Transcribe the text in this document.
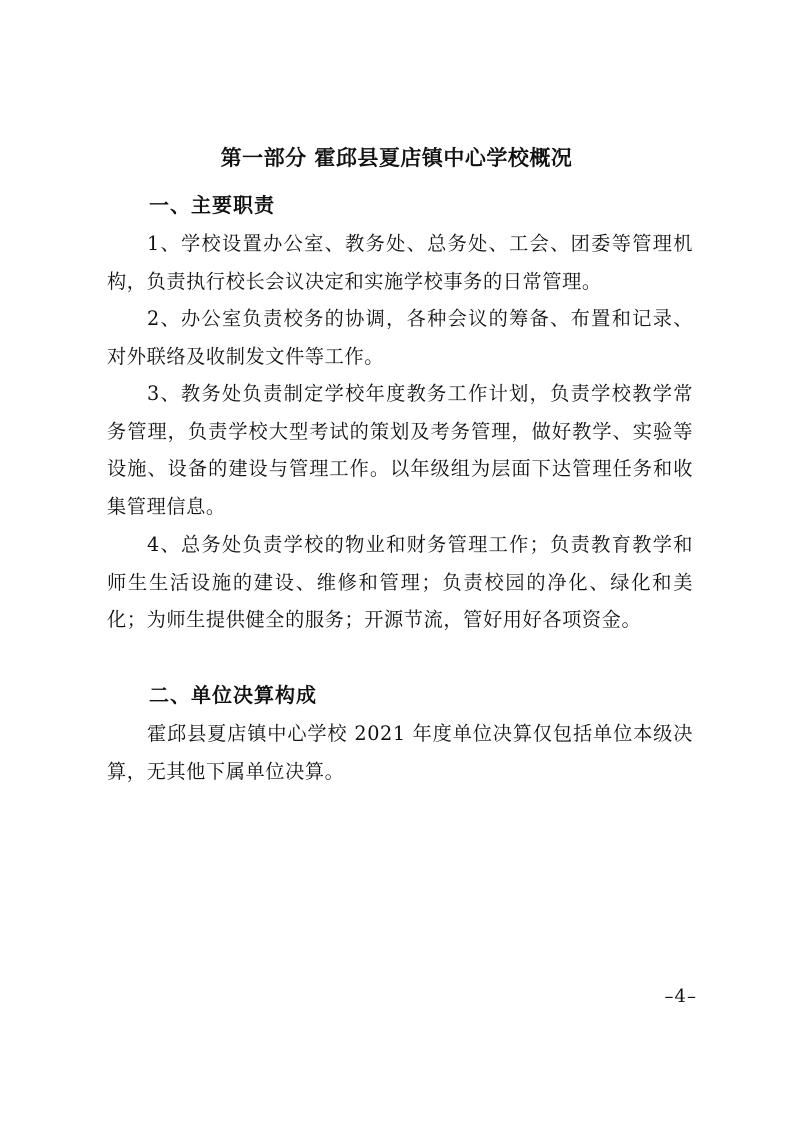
第一部分 霍邱县夏店镇中心学校概况
一、主要职责
1、学校设置办公室、教务处、总务处、工会、团委等管理机构，负责执行校长会议决定和实施学校事务的日常管理。
2、办公室负责校务的协调，各种会议的筹备、布置和记录、对外联络及收制发文件等工作。
3、教务处负责制定学校年度教务工作计划，负责学校教学常务管理，负责学校大型考试的策划及考务管理，做好教学、实验等设施、设备的建设与管理工作。以年级组为层面下达管理任务和收集管理信息。
4、总务处负责学校的物业和财务管理工作；负责教育教学和师生生活设施的建设、维修和管理；负责校园的净化、绿化和美化；为师生提供健全的服务；开源节流，管好用好各项资金。
二、单位决算构成
霍邱县夏店镇中心学校 2021 年度单位决算仅包括单位本级决算，无其他下属单位决算。
–4–
